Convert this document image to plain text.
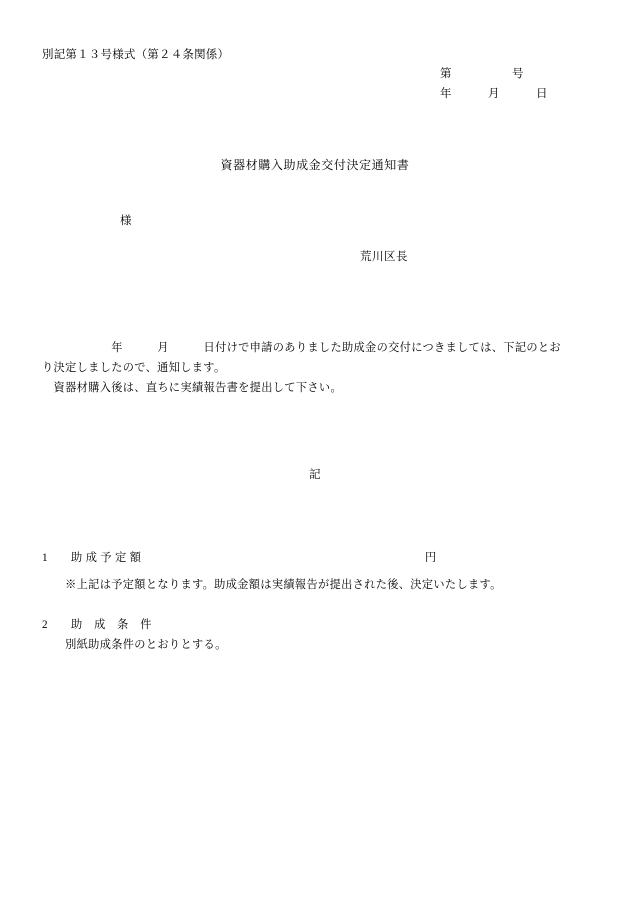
別記第１３号様式（第２４条関係）
第　　　　　号
年　　　月　　　日
資器材購入助成金交付決定通知書
様
荒川区長
　　　　　　年　　　月　　　日付けで申請のありました助成金の交付につきましては、下記のとお
り決定しましたので、通知します。
　資器材購入後は、直ちに実績報告書を提出して下さい。
記
1　　助 成 予 定 額	円
　　※上記は予定額となります。助成金額は実績報告が提出された後、決定いたします。
2　　助　成　条　件
　　別紙助成条件のとおりとする。
